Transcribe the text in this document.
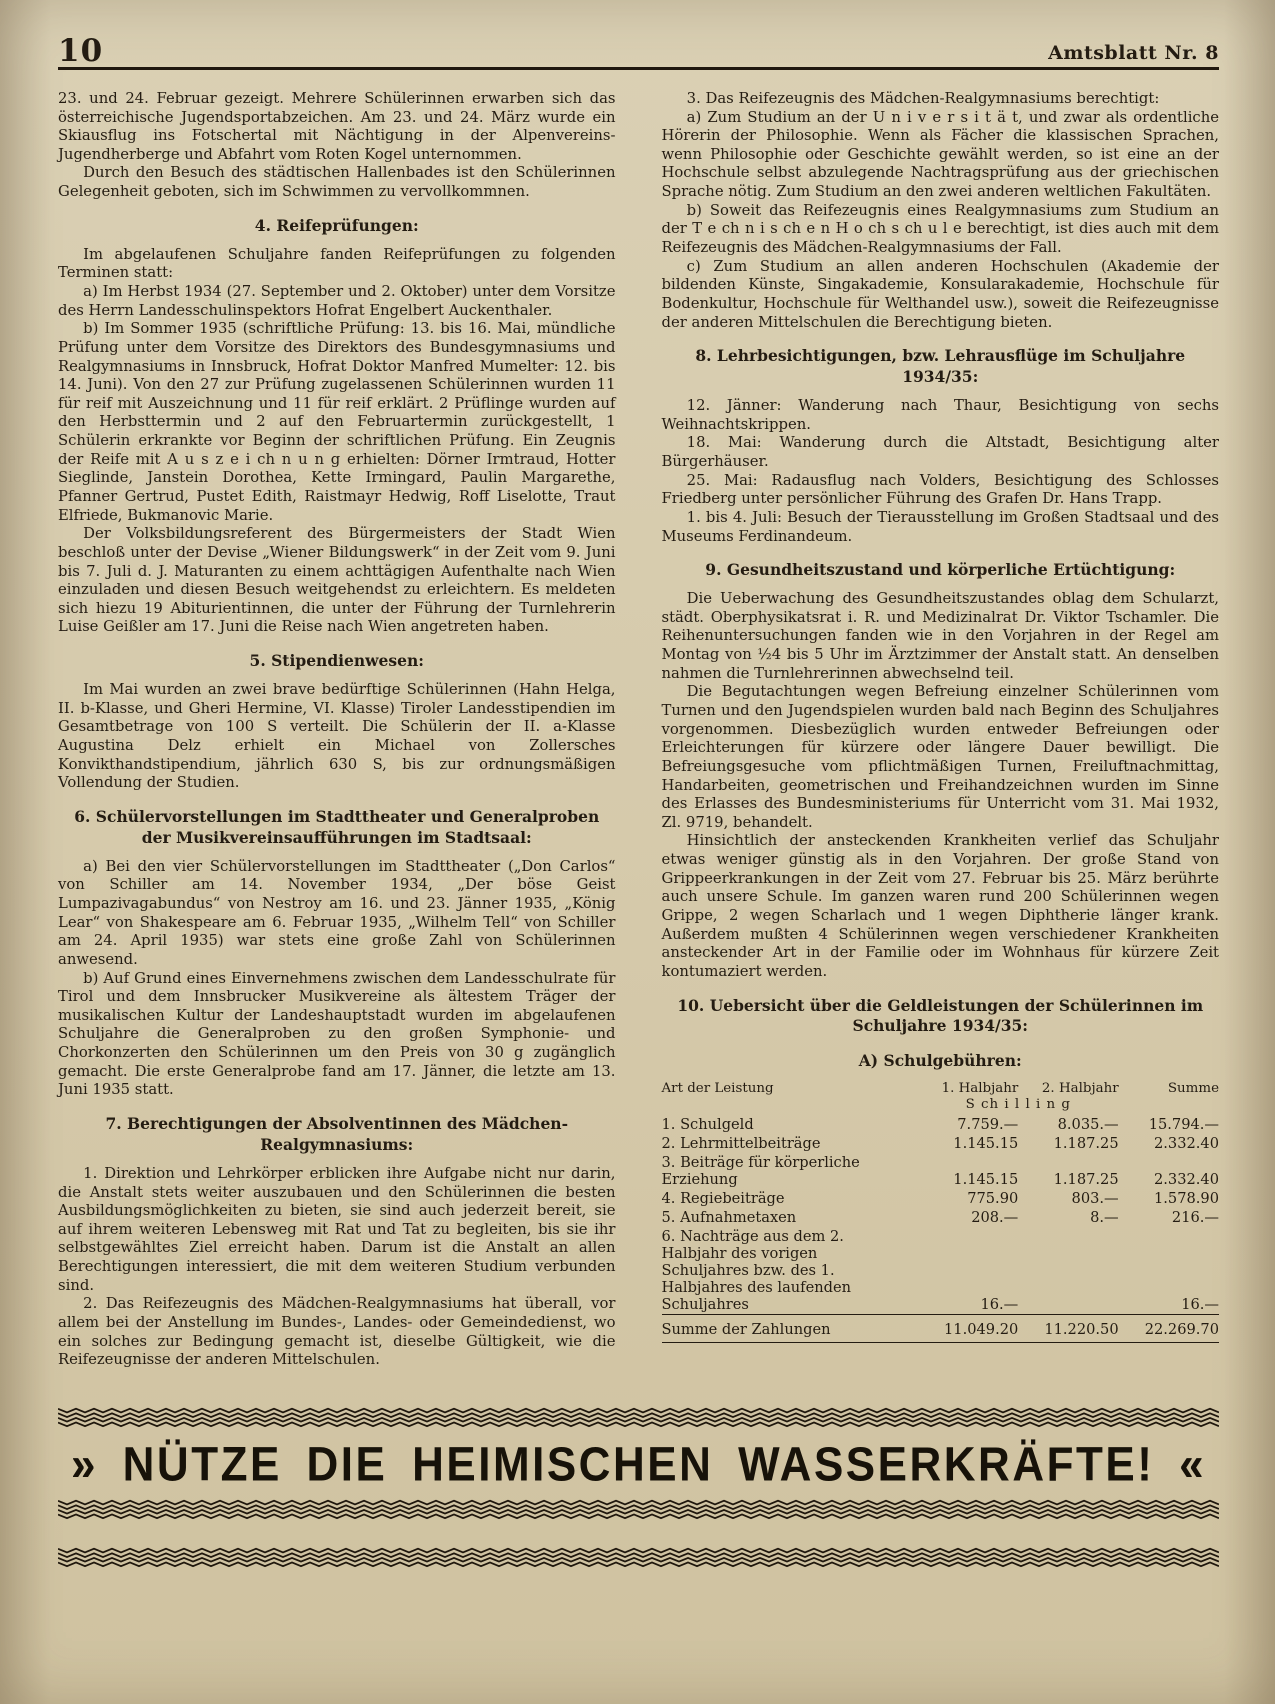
10	Amtsblatt Nr. 8

23. und 24. Februar gezeigt. Mehrere Schülerinnen erwarben sich das österreichische Jugendsportabzeichen. Am 23. und 24. März wurde ein Skiausflug ins Fotschertal mit Nächtigung in der Alpenvereins-Jugendherberge und Abfahrt vom Roten Kogel unternommen.

Durch den Besuch des städtischen Hallenbades ist den Schülerinnen Gelegenheit geboten, sich im Schwimmen zu vervollkommnen.

4. Reifeprüfungen:

Im abgelaufenen Schuljahre fanden Reifeprüfungen zu folgenden Terminen statt:

a) Im Herbst 1934 (27. September und 2. Oktober) unter dem Vorsitze des Herrn Landesschulinspektors Hofrat Engelbert Auckenthaler.

b) Im Sommer 1935 (schriftliche Prüfung: 13. bis 16. Mai, mündliche Prüfung unter dem Vorsitze des Direktors des Bundesgymnasiums und Realgymnasiums in Innsbruck, Hofrat Doktor Manfred Mumelter: 12. bis 14. Juni). Von den 27 zur Prüfung zugelassenen Schülerinnen wurden 11 für reif mit Auszeichnung und 11 für reif erklärt. 2 Prüflinge wurden auf den Herbsttermin und 2 auf den Februartermin zurückgestellt, 1 Schülerin erkrankte vor Beginn der schriftlichen Prüfung. Ein Zeugnis der Reife mit A u s z e i ch n u n g erhielten: Dörner Irmtraud, Hotter Sieglinde, Janstein Dorothea, Kette Irmingard, Paulin Margarethe, Pfanner Gertrud, Pustet Edith, Raistmayr Hedwig, Roff Liselotte, Traut Elfriede, Bukmanovic Marie.

Der Volksbildungsreferent des Bürgermeisters der Stadt Wien beschloß unter der Devise „Wiener Bildungswerk“ in der Zeit vom 9. Juni bis 7. Juli d. J. Maturanten zu einem achttägigen Aufenthalte nach Wien einzuladen und diesen Besuch weitgehendst zu erleichtern. Es meldeten sich hiezu 19 Abiturientinnen, die unter der Führung der Turnlehrerin Luise Geißler am 17. Juni die Reise nach Wien angetreten haben.

5. Stipendienwesen:

Im Mai wurden an zwei brave bedürftige Schülerinnen (Hahn Helga, II. b-Klasse, und Gheri Hermine, VI. Klasse) Tiroler Landesstipendien im Gesamtbetrage von 100 S verteilt. Die Schülerin der II. a-Klasse Augustina Delz erhielt ein Michael von Zollersches Konvikthandstipendium, jährlich 630 S, bis zur ordnungsmäßigen Vollendung der Studien.

6. Schülervorstellungen im Stadttheater und Generalproben der Musikvereinsaufführungen im Stadtsaal:

a) Bei den vier Schülervorstellungen im Stadttheater („Don Carlos“ von Schiller am 14. November 1934, „Der böse Geist Lumpazivagabundus“ von Nestroy am 16. und 23. Jänner 1935, „König Lear“ von Shakespeare am 6. Februar 1935, „Wilhelm Tell“ von Schiller am 24. April 1935) war stets eine große Zahl von Schülerinnen anwesend.

b) Auf Grund eines Einvernehmens zwischen dem Landesschulrate für Tirol und dem Innsbrucker Musikvereine als ältestem Träger der musikalischen Kultur der Landeshauptstadt wurden im abgelaufenen Schuljahre die Generalproben zu den großen Symphonie- und Chorkonzerten den Schülerinnen um den Preis von 30 g zugänglich gemacht. Die erste Generalprobe fand am 17. Jänner, die letzte am 13. Juni 1935 statt.

7. Berechtigungen der Absolventinnen des Mädchen-Realgymnasiums:

1. Direktion und Lehrkörper erblicken ihre Aufgabe nicht nur darin, die Anstalt stets weiter auszubauen und den Schülerinnen die besten Ausbildungsmöglichkeiten zu bieten, sie sind auch jederzeit bereit, sie auf ihrem weiteren Lebensweg mit Rat und Tat zu begleiten, bis sie ihr selbstgewähltes Ziel erreicht haben. Darum ist die Anstalt an allen Berechtigungen interessiert, die mit dem weiteren Studium verbunden sind.

2. Das Reifezeugnis des Mädchen-Realgymnasiums hat überall, vor allem bei der Anstellung im Bundes-, Landes- oder Gemeindedienst, wo ein solches zur Bedingung gemacht ist, dieselbe Gültigkeit, wie die Reifezeugnisse der anderen Mittelschulen.

3. Das Reifezeugnis des Mädchen-Realgymnasiums berechtigt:

a) Zum Studium an der U n i v e r s i t ä t, und zwar als ordentliche Hörerin der Philosophie. Wenn als Fächer die klassischen Sprachen, wenn Philosophie oder Geschichte gewählt werden, so ist eine an der Hochschule selbst abzulegende Nachtragsprüfung aus der griechischen Sprache nötig. Zum Studium an den zwei anderen weltlichen Fakultäten.

b) Soweit das Reifezeugnis eines Realgymnasiums zum Studium an der T e ch n i s ch e n H o ch s ch u l e berechtigt, ist dies auch mit dem Reifezeugnis des Mädchen-Realgymnasiums der Fall.

c) Zum Studium an allen anderen Hochschulen (Akademie der bildenden Künste, Singakademie, Konsularakademie, Hochschule für Bodenkultur, Hochschule für Welthandel usw.), soweit die Reifezeugnisse der anderen Mittelschulen die Berechtigung bieten.

8. Lehrbesichtigungen, bzw. Lehrausflüge im Schuljahre 1934/35:

12. Jänner: Wanderung nach Thaur, Besichtigung von sechs Weihnachtskrippen.

18. Mai: Wanderung durch die Altstadt, Besichtigung alter Bürgerhäuser.

25. Mai: Radausflug nach Volders, Besichtigung des Schlosses Friedberg unter persönlicher Führung des Grafen Dr. Hans Trapp.

1. bis 4. Juli: Besuch der Tierausstellung im Großen Stadtsaal und des Museums Ferdinandeum.

9. Gesundheitszustand und körperliche Ertüchtigung:

Die Ueberwachung des Gesundheitszustandes oblag dem Schularzt, städt. Oberphysikatsrat i. R. und Medizinalrat Dr. Viktor Tschamler. Die Reihenuntersuchungen fanden wie in den Vorjahren in der Regel am Montag von ½4 bis 5 Uhr im Ärztzimmer der Anstalt statt. An denselben nahmen die Turnlehrerinnen abwechselnd teil.

Die Begutachtungen wegen Befreiung einzelner Schülerinnen vom Turnen und den Jugendspielen wurden bald nach Beginn des Schuljahres vorgenommen. Diesbezüglich wurden entweder Befreiungen oder Erleichterungen für kürzere oder längere Dauer bewilligt. Die Befreiungsgesuche vom pflichtmäßigen Turnen, Freiluftnachmittag, Handarbeiten, geometrischen und Freihandzeichnen wurden im Sinne des Erlasses des Bundesministeriums für Unterricht vom 31. Mai 1932, Zl. 9719, behandelt.

Hinsichtlich der ansteckenden Krankheiten verlief das Schuljahr etwas weniger günstig als in den Vorjahren. Der große Stand von Grippeerkrankungen in der Zeit vom 27. Februar bis 25. März berührte auch unsere Schule. Im ganzen waren rund 200 Schülerinnen wegen Grippe, 2 wegen Scharlach und 1 wegen Diphtherie länger krank. Außerdem mußten 4 Schülerinnen wegen verschiedener Krankheiten ansteckender Art in der Familie oder im Wohnhaus für kürzere Zeit kontumaziert werden.

10. Uebersicht über die Geldleistungen der Schülerinnen im Schuljahre 1934/35:
A) Schulgebühren:
Art der Leistung	1. Halbjahr	2. Halbjahr	Summe
	S ch i l l i n g		
1. Schulgeld	7.759.—	8.035.—	15.794.—
2. Lehrmittelbeiträge	1.145.15	1.187.25	2.332.40
3. Beiträge für körperliche Erziehung	1.145.15	1.187.25	2.332.40
4. Regiebeiträge	775.90	803.—	1.578.90
5. Aufnahmetaxen	208.—	8.—	216.—
6. Nachträge aus dem 2. Halbjahr des vorigen Schuljahres bzw. des 1. Halbjahres des laufenden Schuljahres	16.—		16.—
Summe der Zahlungen	11.049.20	11.220.50	22.269.70
» NÜTZE DIE HEIMISCHEN WASSERKRÄFTE! «
